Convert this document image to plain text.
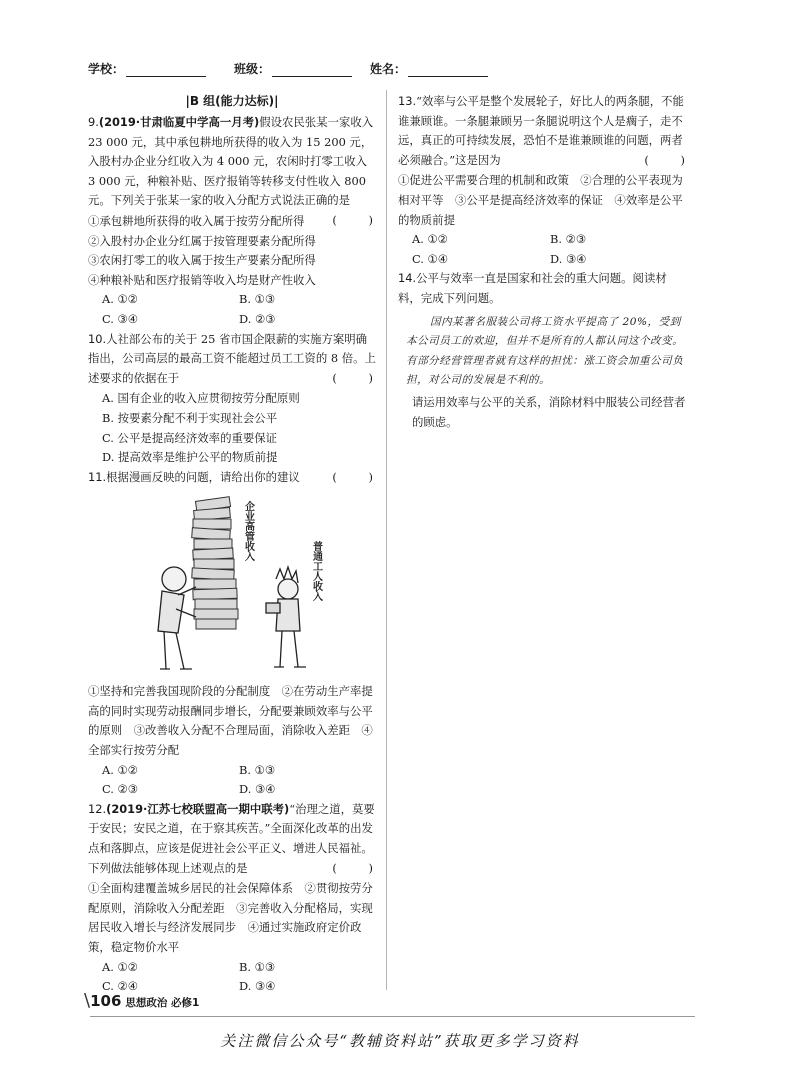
学校：	班级：	姓名：
|B 组(能力达标)|
9.(2019·甘肃临夏中学高一月考)假设农民张某一家收入 23 000 元，其中承包耕地所获得的收入为 15 200 元，入股村办企业分红收入为 4 000 元，农闲时打零工收入 3 000 元，种粮补贴、医疗报销等转移支付性收入 800 元。下列关于张某一家的收入分配方式说法正确的是
(　　)
①承包耕地所获得的收入属于按劳分配所得
②入股村办企业分红属于按管理要素分配所得
③农闲打零工的收入属于按生产要素分配所得
④种粮补贴和医疗报销等收入均是财产性收入
A. ①②	B. ①③
C. ③④	D. ②③
10.人社部公布的关于 25 省市国企限薪的实施方案明确指出，公司高层的最高工资不能超过员工工资的 8 倍。上述要求的依据在于	(　　)
A. 国有企业的收入应贯彻按劳分配原则
B. 按要素分配不利于实现社会公平
C. 公平是提高经济效率的重要保证
D. 提高效率是维护公平的物质前提
11.根据漫画反映的问题，请给出你的建议	(　　)
企业高管收入
普通工人收入
①坚持和完善我国现阶段的分配制度　②在劳动生产率提高的同时实现劳动报酬同步增长，分配要兼顾效率与公平的原则　③改善收入分配不合理局面，消除收入差距　④全部实行按劳分配
A. ①②	B. ①③
C. ②③	D. ③④
12.(2019·江苏七校联盟高一期中联考)“治理之道，莫要于安民；安民之道，在于察其疾苦。”全面深化改革的出发点和落脚点，应该是促进社会公平正义、增进人民福祉。下列做法能够体现上述观点的是	(　　)
①全面构建覆盖城乡居民的社会保障体系　②贯彻按劳分配原则，消除收入分配差距　③完善收入分配格局，实现居民收入增长与经济发展同步　④通过实施政府定价政策，稳定物价水平
A. ①②	B. ①③
C. ②④	D. ③④
13.“效率与公平是整个发展轮子，好比人的两条腿，不能谁兼顾谁。一条腿兼顾另一条腿说明这个人是瘸子，走不远，真正的可持续发展，恐怕不是谁兼顾谁的问题，两者必须融合。”这是因为	(　　)
①促进公平需要合理的机制和政策　②合理的公平表现为相对平等　③公平是提高经济效率的保证　④效率是公平的物质前提
A. ①②	B. ②③
C. ①④	D. ③④
14.公平与效率一直是国家和社会的重大问题。阅读材料，完成下列问题。
国内某著名服装公司将工资水平提高了 20%，受到本公司员工的欢迎，但并不是所有的人都认同这个改变。有部分经营管理者就有这样的担忧：涨工资会加重公司负担，对公司的发展是不利的。
请运用效率与公平的关系，消除材料中服装公司经营者的顾虑。
\106 思想政治 必修1
关注微信公众号“教辅资料站”获取更多学习资料
